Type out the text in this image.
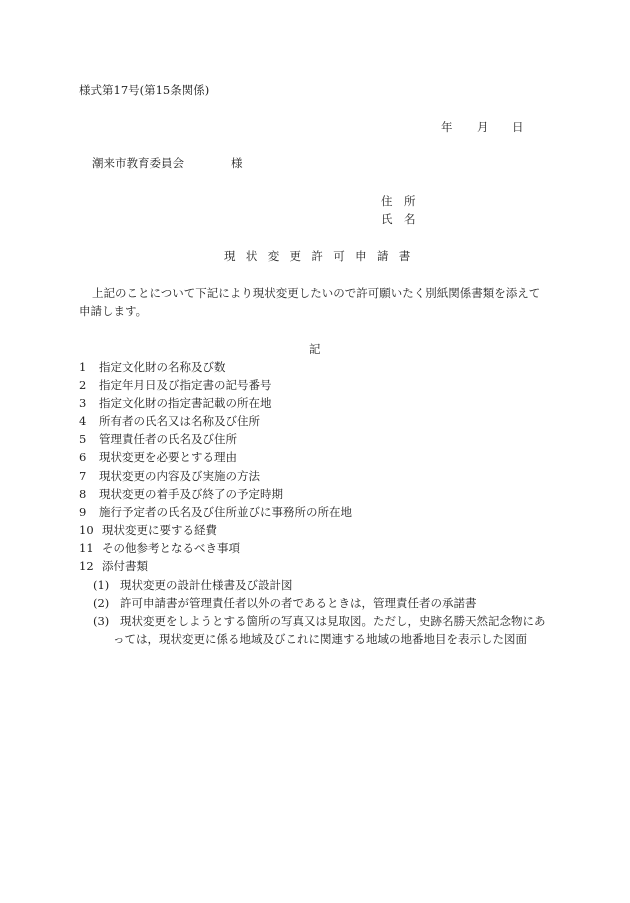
様式第17号(第15条関係)
年 月 日
潮来市教育委員会	様
住　所
氏　名
現状変更許可申請書
上記のことについて下記により現状変更したいので許可願いたく別紙関係書類を添えて
申請します。
記
1 指定文化財の名称及び数
2 指定年月日及び指定書の記号番号
3 指定文化財の指定書記載の所在地
4 所有者の氏名又は名称及び住所
5 管理責任者の氏名及び住所
6 現状変更を必要とする理由
7 現状変更の内容及び実施の方法
8 現状変更の着手及び終了の予定時期
9 施行予定者の氏名及び住所並びに事務所の所在地
10 現状変更に要する経費
11 その他参考となるべき事項
12 添付書類
(1) 現状変更の設計仕様書及び設計図
(2) 許可申請書が管理責任者以外の者であるときは，管理責任者の承諾書
(3) 現状変更をしようとする箇所の写真又は見取図。ただし，史跡名勝天然記念物にあ
っては，現状変更に係る地域及びこれに関連する地域の地番地目を表示した図面
